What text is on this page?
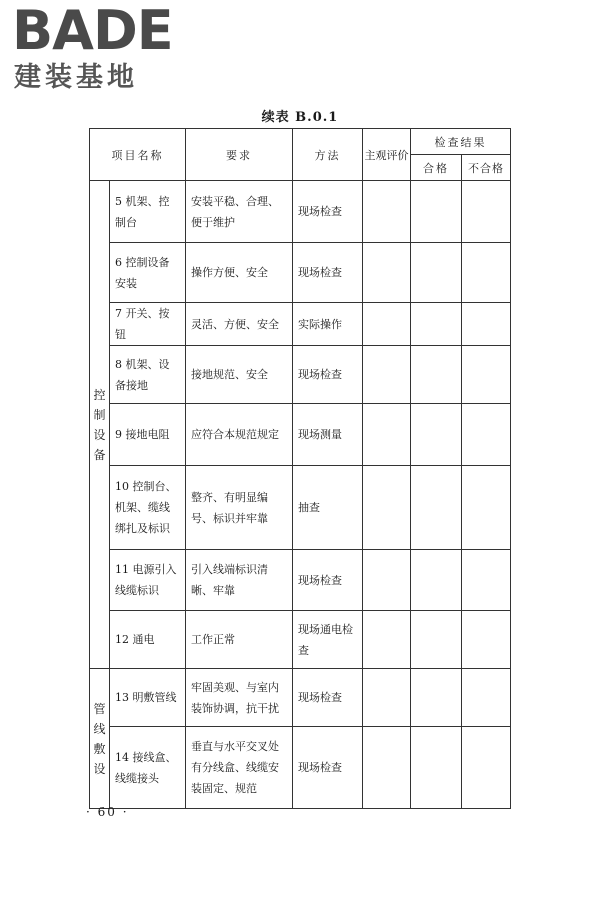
BADE
建装基地
续表 B.0.1
项目名称		要求	方法	主观评价	检查结果	
					合格	不合格

控
制
设
备	5 机架、控制台	安装平稳、合理、便于维护	现场检查			
	6 控制设备安装	操作方便、安全	现场检查			
	7 开关、按钮	灵活、方便、安全	实际操作			
	8 机架、设备接地	接地规范、安全	现场检查			
	9 接地电阻	应符合本规范规定	现场测量			
	10 控制台、机架、缆线绑扎及标识	整齐、有明显编号、标识并牢靠	抽查			
	11 电源引入线缆标识	引入线端标识清晰、牢靠	现场检查			
	12 通电	工作正常	现场通电检查			

管
线
敷
设	13 明敷管线	牢固美观、与室内装饰协调，抗干扰	现场检查			
	14 接线盒、线缆接头	垂直与水平交叉处有分线盒、线缆安装固定、规范	现场检查			
· 60 ·
